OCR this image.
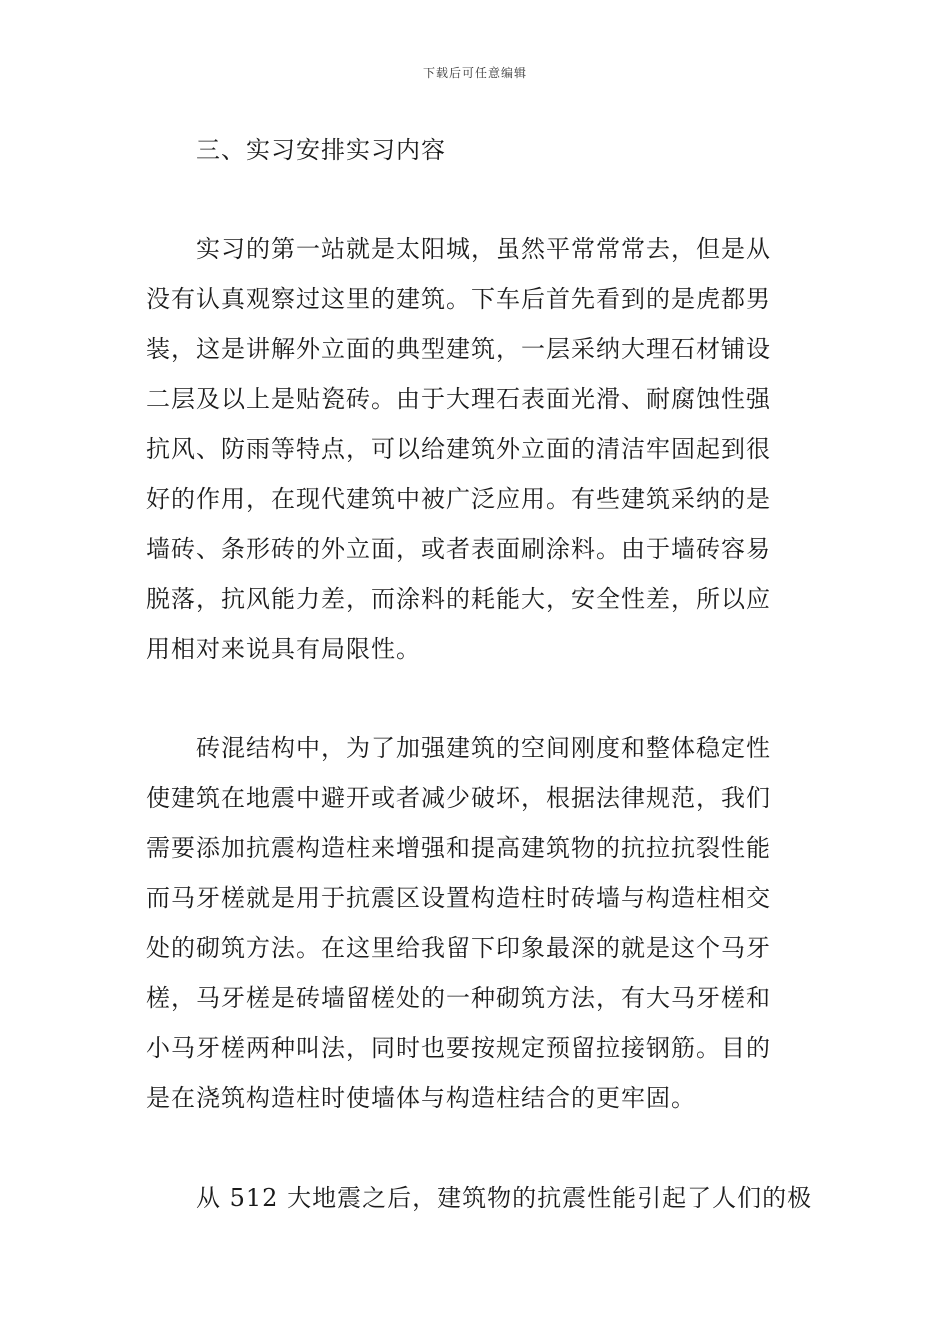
下载后可任意编辑
三、实习安排实习内容
实习的第一站就是太阳城，虽然平常常常去，但是从
没有认真观察过这里的建筑。下车后首先看到的是虎都男
装，这是讲解外立面的典型建筑，一层采纳大理石材铺设
二层及以上是贴瓷砖。由于大理石表面光滑、耐腐蚀性强
抗风、防雨等特点，可以给建筑外立面的清洁牢固起到很
好的作用，在现代建筑中被广泛应用。有些建筑采纳的是
墙砖、条形砖的外立面，或者表面刷涂料。由于墙砖容易
脱落，抗风能力差，而涂料的耗能大，安全性差，所以应
用相对来说具有局限性。
砖混结构中，为了加强建筑的空间刚度和整体稳定性
使建筑在地震中避开或者减少破坏，根据法律规范，我们
需要添加抗震构造柱来增强和提高建筑物的抗拉抗裂性能
而马牙槎就是用于抗震区设置构造柱时砖墙与构造柱相交
处的砌筑方法。在这里给我留下印象最深的就是这个马牙
槎，马牙槎是砖墙留槎处的一种砌筑方法，有大马牙槎和
小马牙槎两种叫法，同时也要按规定预留拉接钢筋。目的
是在浇筑构造柱时使墙体与构造柱结合的更牢固。
从 512 大地震之后，建筑物的抗震性能引起了人们的极
